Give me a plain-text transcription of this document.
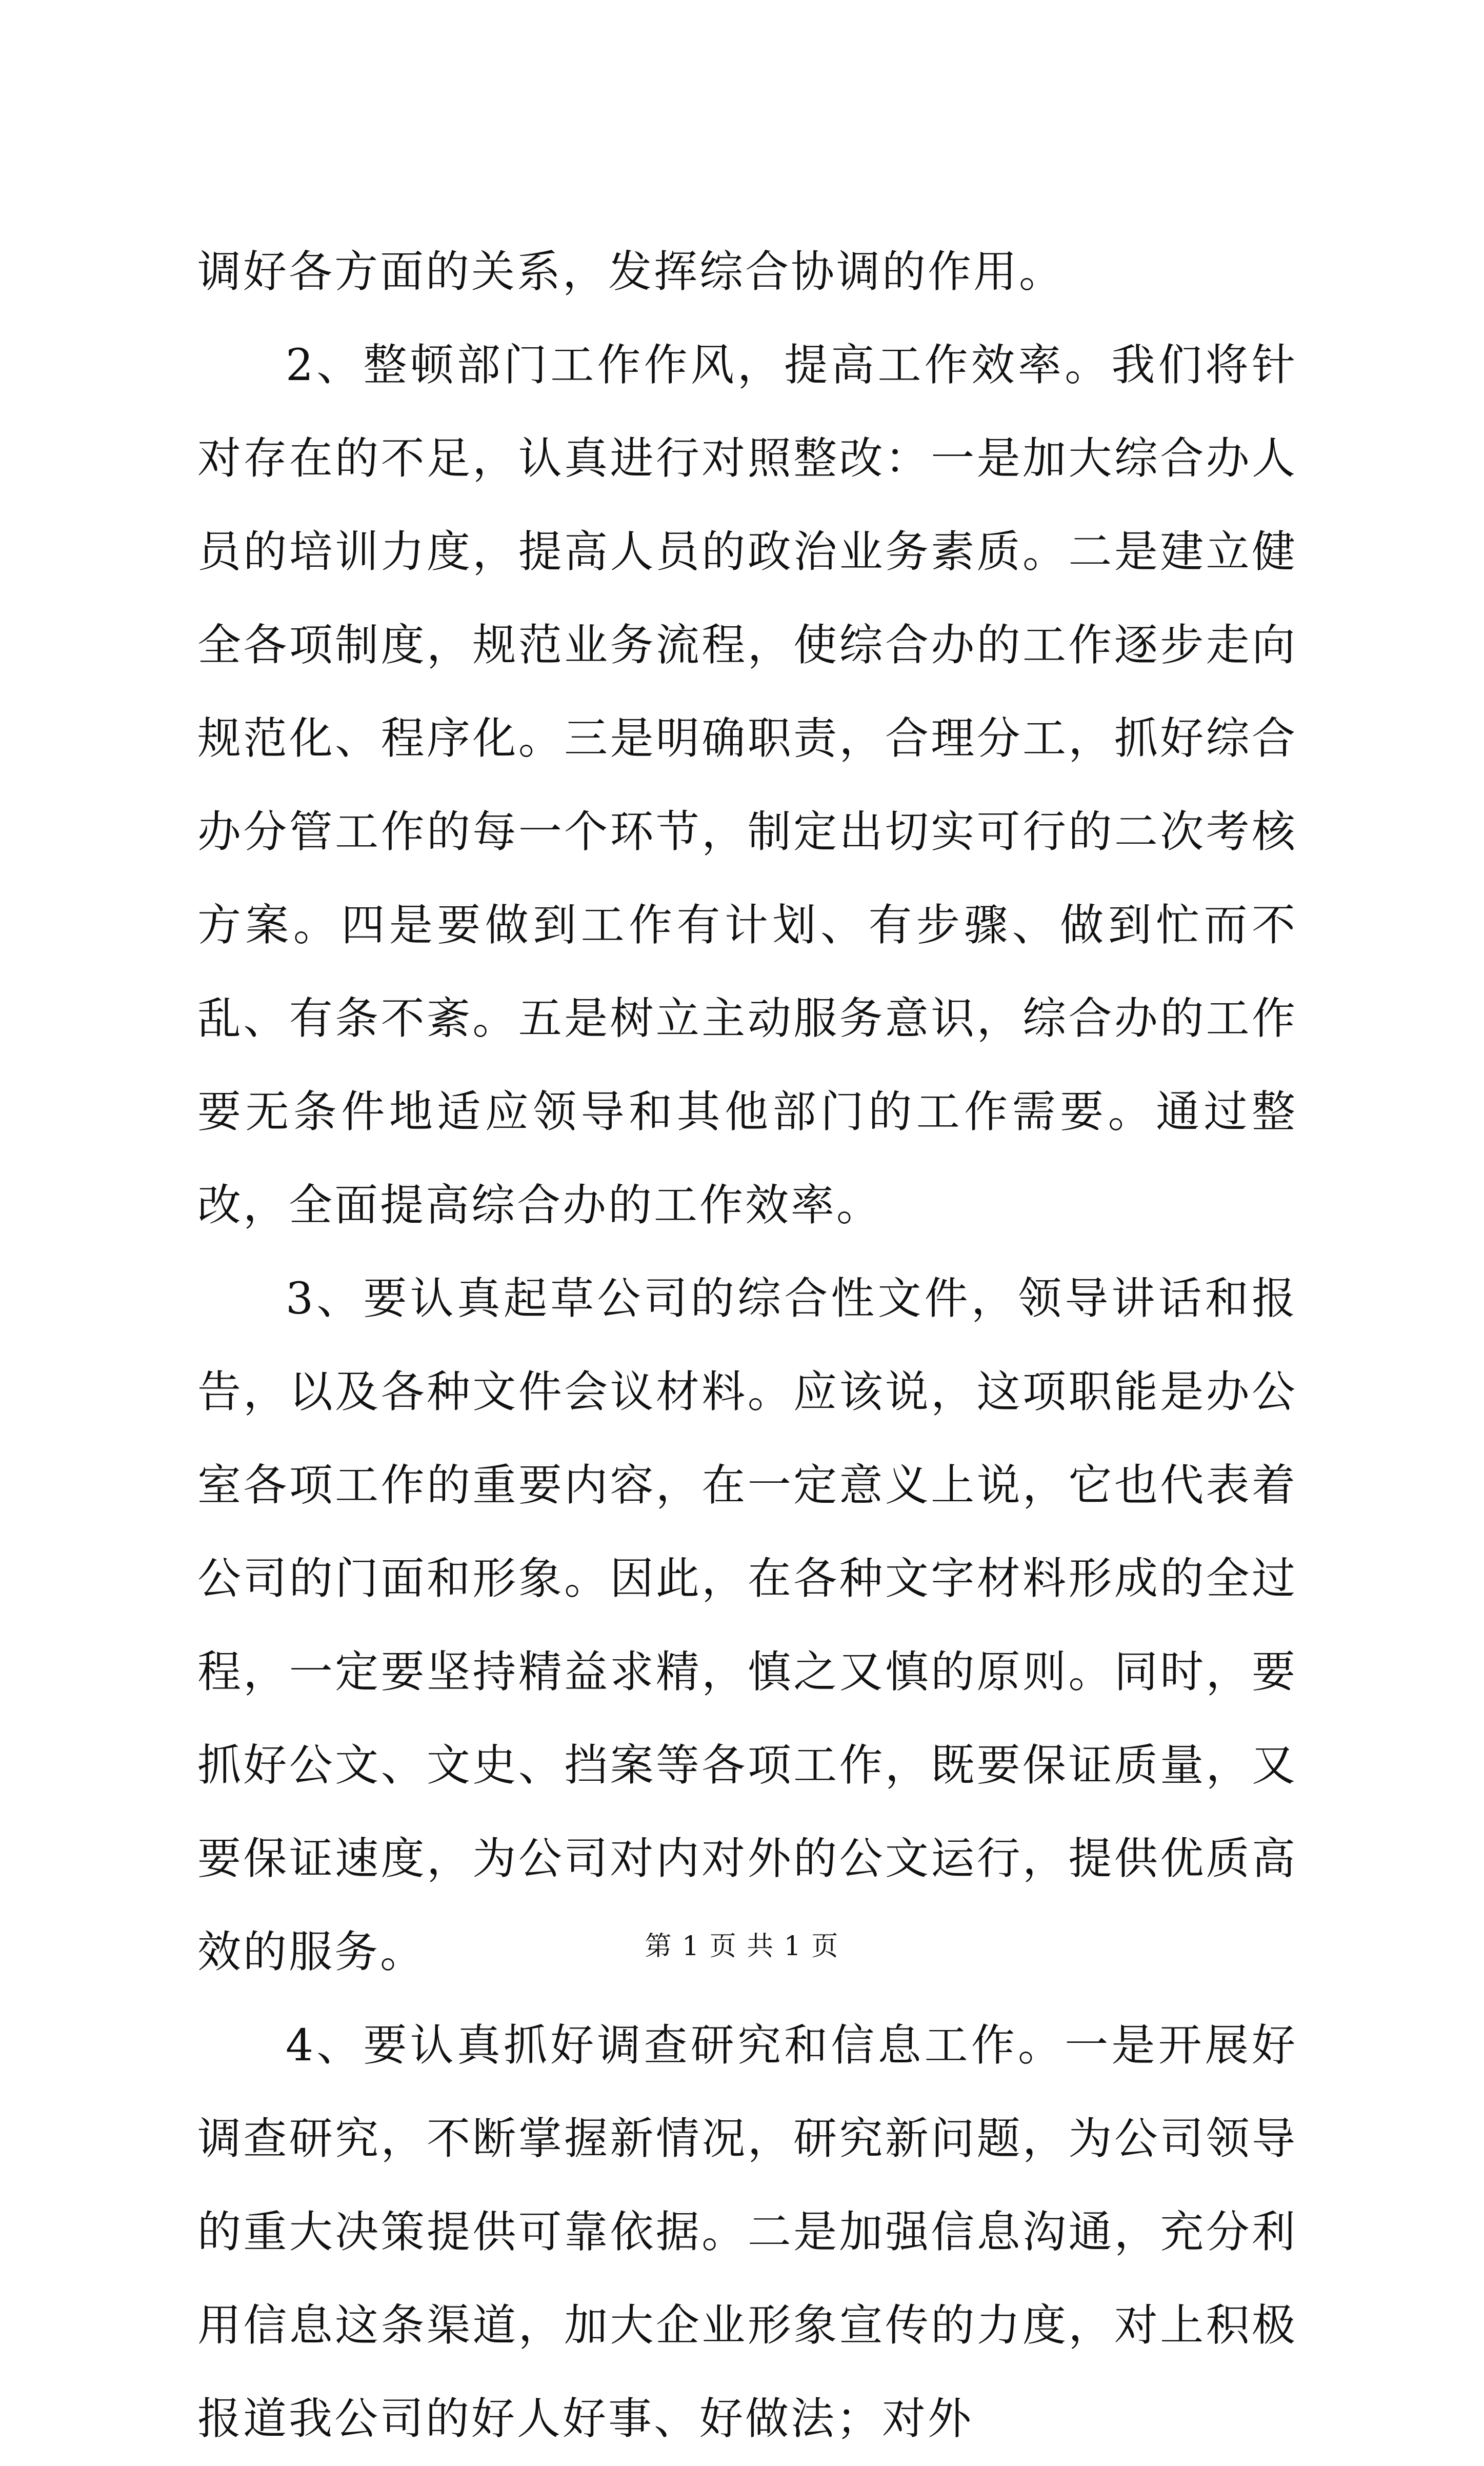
调好各方面的关系，发挥综合协调的作用。

2、整顿部门工作作风，提高工作效率。我们将针对存在的不足，认真进行对照整改：一是加大综合办人员的培训力度，提高人员的政治业务素质。二是建立健全各项制度，规范业务流程，使综合办的工作逐步走向规范化、程序化。三是明确职责，合理分工，抓好综合办分管工作的每一个环节，制定出切实可行的二次考核方案。四是要做到工作有计划、有步骤、做到忙而不乱、有条不紊。五是树立主动服务意识，综合办的工作要无条件地适应领导和其他部门的工作需要。通过整改，全面提高综合办的工作效率。

3、要认真起草公司的综合性文件，领导讲话和报告，以及各种文件会议材料。应该说，这项职能是办公室各项工作的重要内容，在一定意义上说，它也代表着公司的门面和形象。因此，在各种文字材料形成的全过程，一定要坚持精益求精，慎之又慎的原则。同时，要抓好公文、文史、挡案等各项工作，既要保证质量，又要保证速度，为公司对内对外的公文运行，提供优质高效的服务。

4、要认真抓好调查研究和信息工作。一是开展好调查研究，不断掌握新情况，研究新问题，为公司领导的重大决策提供可靠依据。二是加强信息沟通，充分利用信息这条渠道，加大企业形象宣传的力度，对上积极报道我公司的好人好事、好做法；对外

第 1 页 共 1 页
